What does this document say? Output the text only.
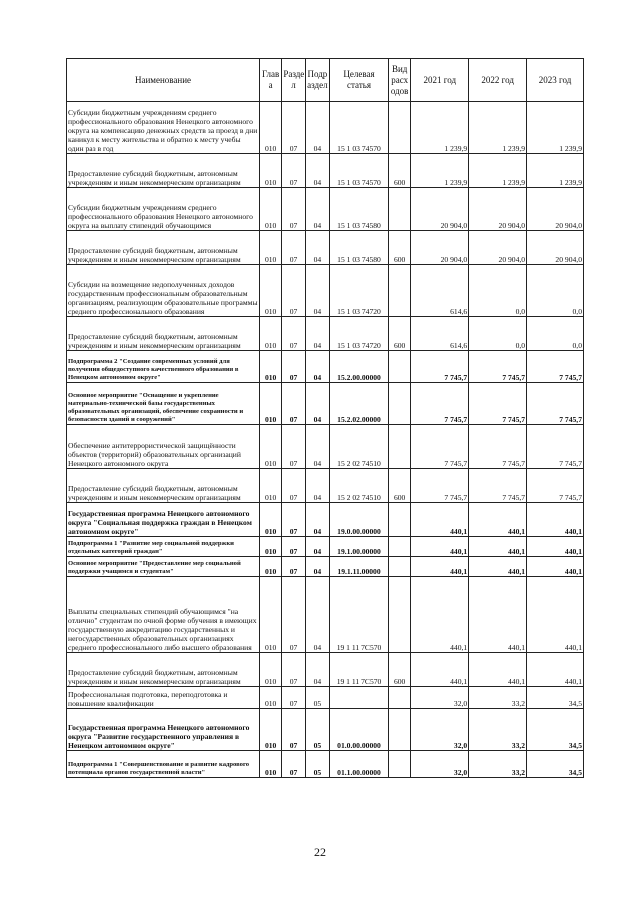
Наименование	Глав а	Разде л	Подр аздел	Целевая статья	Вид расх одов	2021 год	2022 год	2023 год
Субсидии бюджетным учреждениям среднего профессионального образования Ненецкого автономного округа на компенсацию денежных средств за проезд в дни каникул к месту жительства и обратно к месту учебы один раз в год	010	07	04	15 1 03 74570		1 239,9	1 239,9	1 239,9
Предоставление субсидий бюджетным, автономным учреждениям и иным некоммерческим организациям	010	07	04	15 1 03 74570	600	1 239,9	1 239,9	1 239,9
Субсидии бюджетным учреждениям среднего профессионального образования Ненецкого автономного округа на выплату стипендий обучающимся	010	07	04	15 1 03 74580		20 904,0	20 904,0	20 904,0
Предоставление субсидий бюджетным, автономным учреждениям и иным некоммерческим организациям	010	07	04	15 1 03 74580	600	20 904,0	20 904,0	20 904,0
Субсидии на возмещение недополученных доходов государственным профессиональным образовательным организациям, реализующим образовательные программы среднего профессионального образования	010	07	04	15 1 03 74720		614,6	0,0	0,0
Предоставление субсидий бюджетным, автономным учреждениям и иным некоммерческим организациям	010	07	04	15 1 03 74720	600	614,6	0,0	0,0
Подпрограмма 2 "Создание современных условий для получения общедоступного качественного образования в Ненецком автономном округе"	010	07	04	15.2.00.00000		7 745,7	7 745,7	7 745,7
Основное мероприятие "Оснащение и укрепление материально-технической базы государственных образовательных организаций, обеспечение сохранности и безопасности зданий и сооружений"	010	07	04	15.2.02.00000		7 745,7	7 745,7	7 745,7
Обеспечение антитеррористической защищённости объектов (территорий) образовательных организаций Ненецкого автономного округа	010	07	04	15 2 02 74510		7 745,7	7 745,7	7 745,7
Предоставление субсидий бюджетным, автономным учреждениям и иным некоммерческим организациям	010	07	04	15 2 02 74510	600	7 745,7	7 745,7	7 745,7
Государственная программа Ненецкого автономного округа "Социальная поддержка граждан в Ненецком автономном округе"	010	07	04	19.0.00.00000		440,1	440,1	440,1
Подпрограмма 1 "Развитие мер социальной поддержки отдельных категорий граждан"	010	07	04	19.1.00.00000		440,1	440,1	440,1
Основное мероприятие "Предоставление мер социальной поддержки учащимся и студентам"	010	07	04	19.1.11.00000		440,1	440,1	440,1
Выплаты специальных стипендий обучающимся "на отлично" студентам по очной форме обучения в имеющих государственную аккредитацию государственных и негосударственных образовательных организациях среднего профессионального либо высшего образования	010	07	04	19 1 11 7С570		440,1	440,1	440,1
Предоставление субсидий бюджетным, автономным учреждениям и иным некоммерческим организациям	010	07	04	19 1 11 7С570	600	440,1	440,1	440,1
Профессиональная подготовка, переподготовка и повышение квалификации	010	07	05			32,0	33,2	34,5
Государственная программа Ненецкого автономного округа "Развитие государственного управления в Ненецком автономном округе"	010	07	05	01.0.00.00000		32,0	33,2	34,5
Подпрограмма 1 "Совершенствование и развитие кадрового потенциала органов государственной власти"	010	07	05	01.1.00.00000		32,0	33,2	34,5
22
